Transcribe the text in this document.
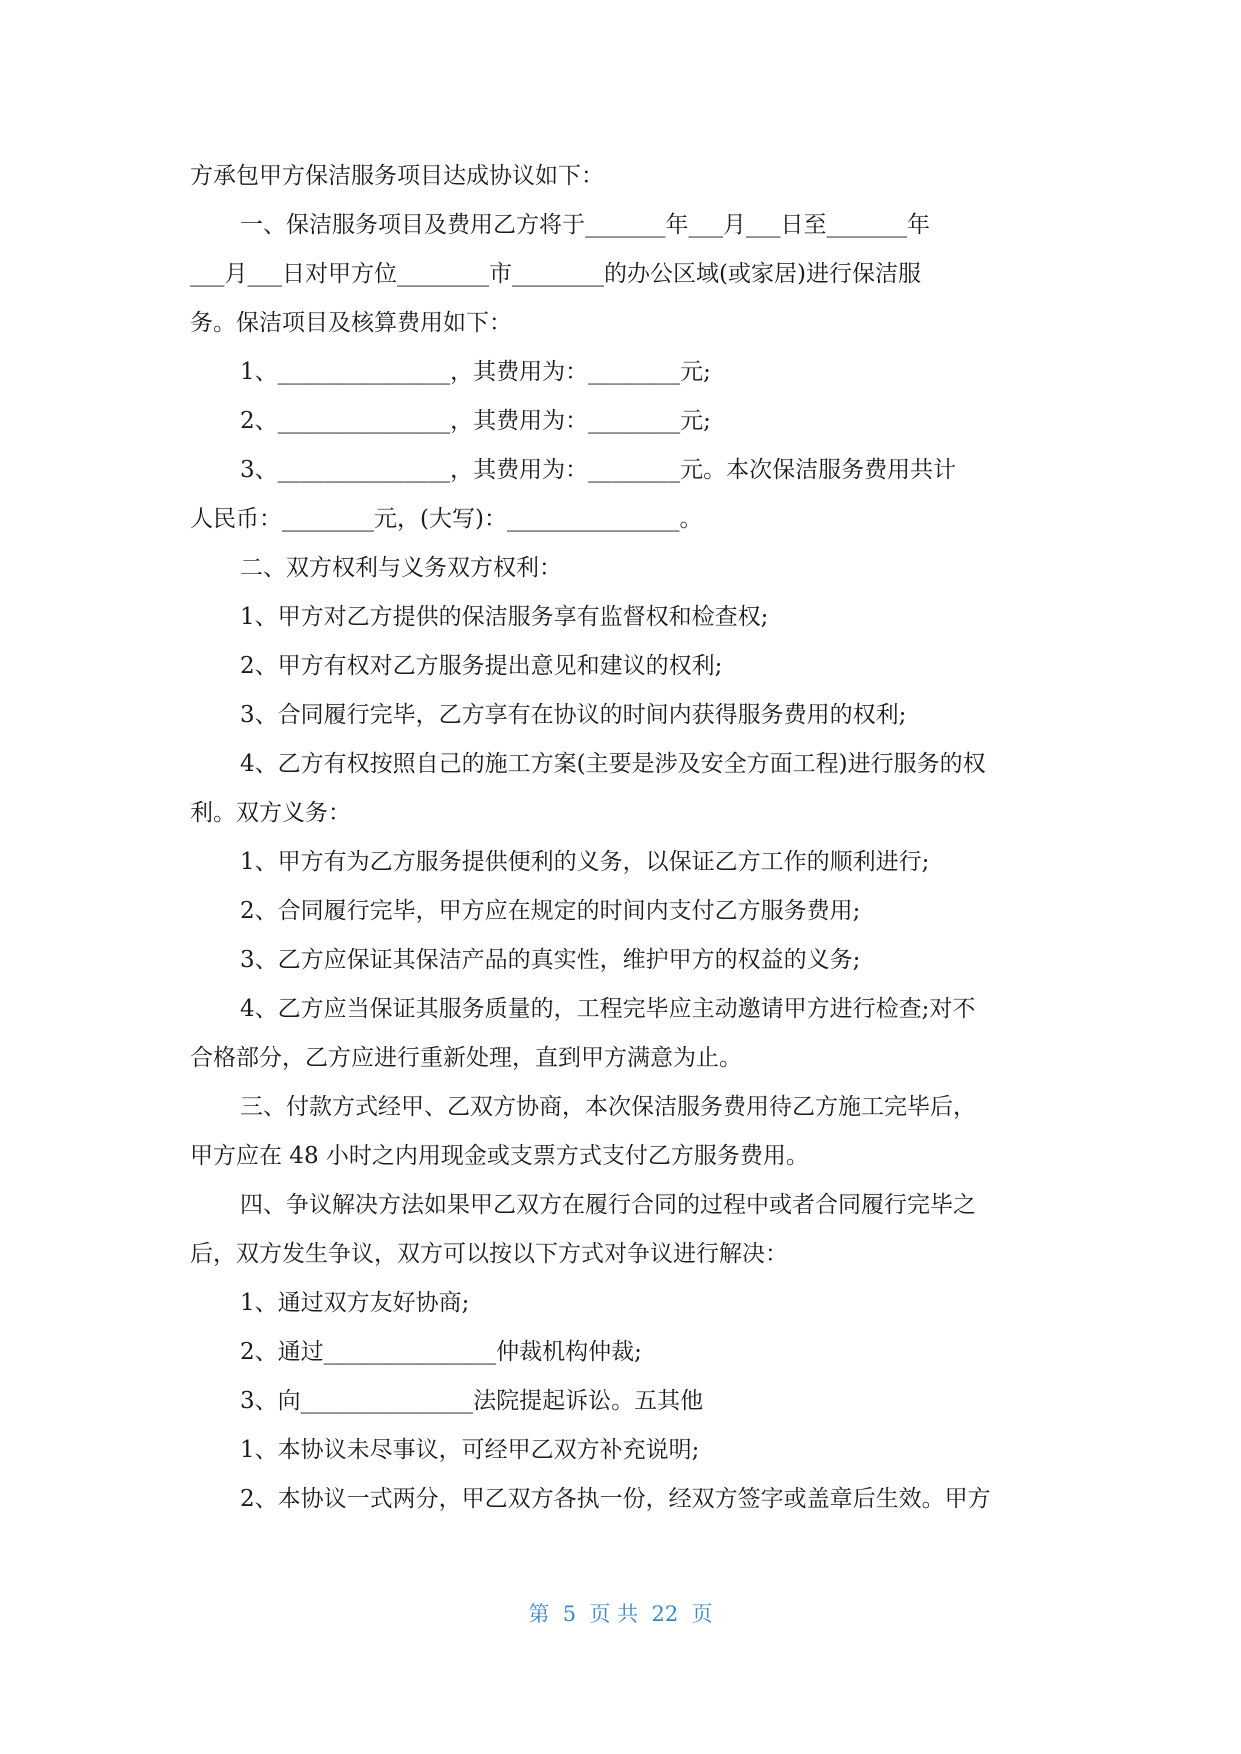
方承包甲方保洁服务项目达成协议如下：
一、保洁服务项目及费用乙方将于_______年___月___日至_______年
___月___日对甲方位________市________的办公区域(或家居)进行保洁服
务。保洁项目及核算费用如下：
1、_______________，其费用为：________元;
2、_______________，其费用为：________元;
3、_______________，其费用为：________元。本次保洁服务费用共计
人民币：________元，(大写)：_______________。
二、双方权利与义务双方权利：
1、甲方对乙方提供的保洁服务享有监督权和检查权;
2、甲方有权对乙方服务提出意见和建议的权利;
3、合同履行完毕，乙方享有在协议的时间内获得服务费用的权利;
4、乙方有权按照自己的施工方案(主要是涉及安全方面工程)进行服务的权
利。双方义务：
1、甲方有为乙方服务提供便利的义务，以保证乙方工作的顺利进行;
2、合同履行完毕，甲方应在规定的时间内支付乙方服务费用;
3、乙方应保证其保洁产品的真实性，维护甲方的权益的义务;
4、乙方应当保证其服务质量的，工程完毕应主动邀请甲方进行检查;对不
合格部分，乙方应进行重新处理，直到甲方满意为止。
三、付款方式经甲、乙双方协商，本次保洁服务费用待乙方施工完毕后，
甲方应在 48 小时之内用现金或支票方式支付乙方服务费用。
四、争议解决方法如果甲乙双方在履行合同的过程中或者合同履行完毕之
后，双方发生争议，双方可以按以下方式对争议进行解决：
1、通过双方友好协商;
2、通过_______________仲裁机构仲裁;
3、向_______________法院提起诉讼。五其他
1、本协议未尽事议，可经甲乙双方补充说明;
2、本协议一式两分，甲乙双方各执一份，经双方签字或盖章后生效。甲方
第  5  页 共  22  页
